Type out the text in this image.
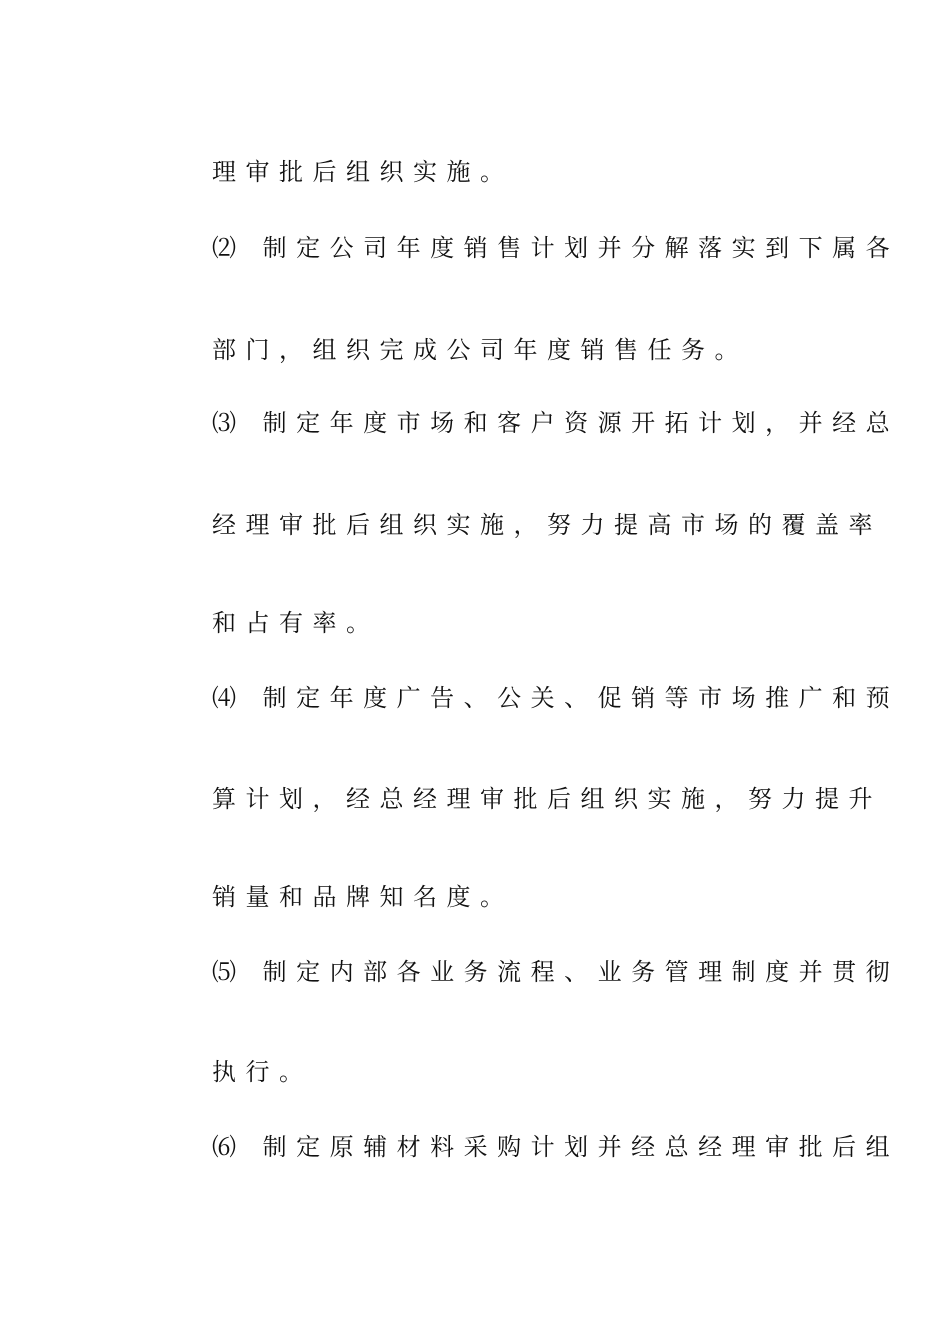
理审批后组织实施。
⑵ 制定公司年度销售计划并分解落实到下属各
部门，组织完成公司年度销售任务。
⑶ 制定年度市场和客户资源开拓计划，并经总
经理审批后组织实施，努力提高市场的覆盖率
和占有率。
⑷ 制定年度广告、公关、促销等市场推广和预
算计划，经总经理审批后组织实施，努力提升
销量和品牌知名度。
⑸ 制定内部各业务流程、业务管理制度并贯彻
执行。
⑹ 制定原辅材料采购计划并经总经理审批后组
